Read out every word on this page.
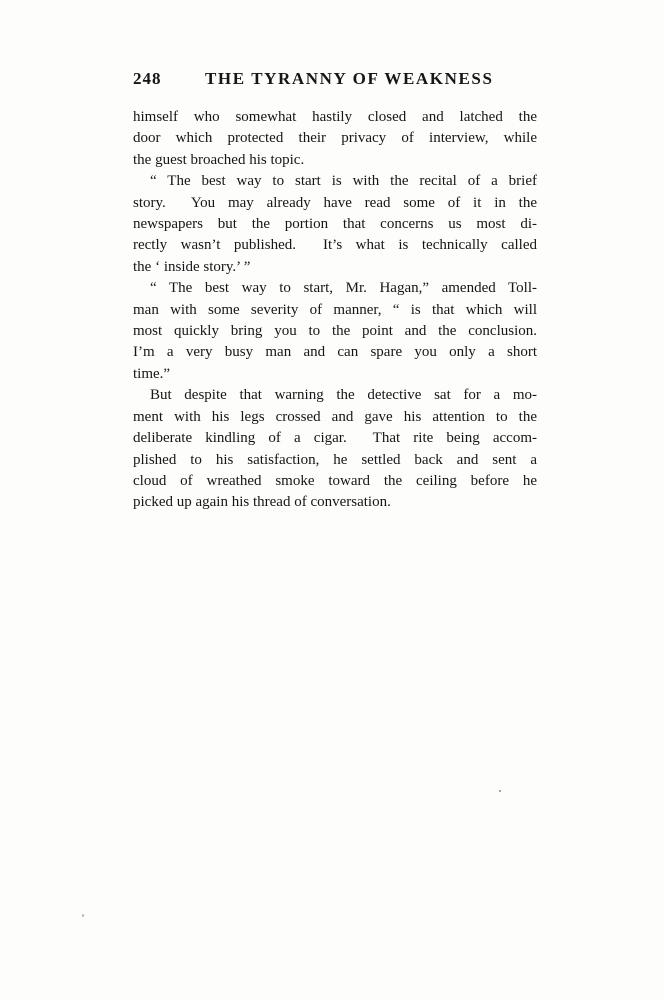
248	THE TYRANNY OF WEAKNESS
himself who somewhat hastily closed and latched the
door which protected their privacy of interview, while
the guest broached his topic.
“ The best way to start is with the recital of a brief
story.  You may already have read some of it in the
newspapers but the portion that concerns us most di-
rectly wasn’t published.  It’s what is technically called
the ‘ inside story.’ ”
“ The best way to start, Mr. Hagan,” amended Toll-
man with some severity of manner, “ is that which will
most quickly bring you to the point and the conclusion.
I’m a very busy man and can spare you only a short
time.”
But despite that warning the detective sat for a mo-
ment with his legs crossed and gave his attention to the
deliberate kindling of a cigar.  That rite being accom-
plished to his satisfaction, he settled back and sent a
cloud of wreathed smoke toward the ceiling before he
picked up again his thread of conversation.
